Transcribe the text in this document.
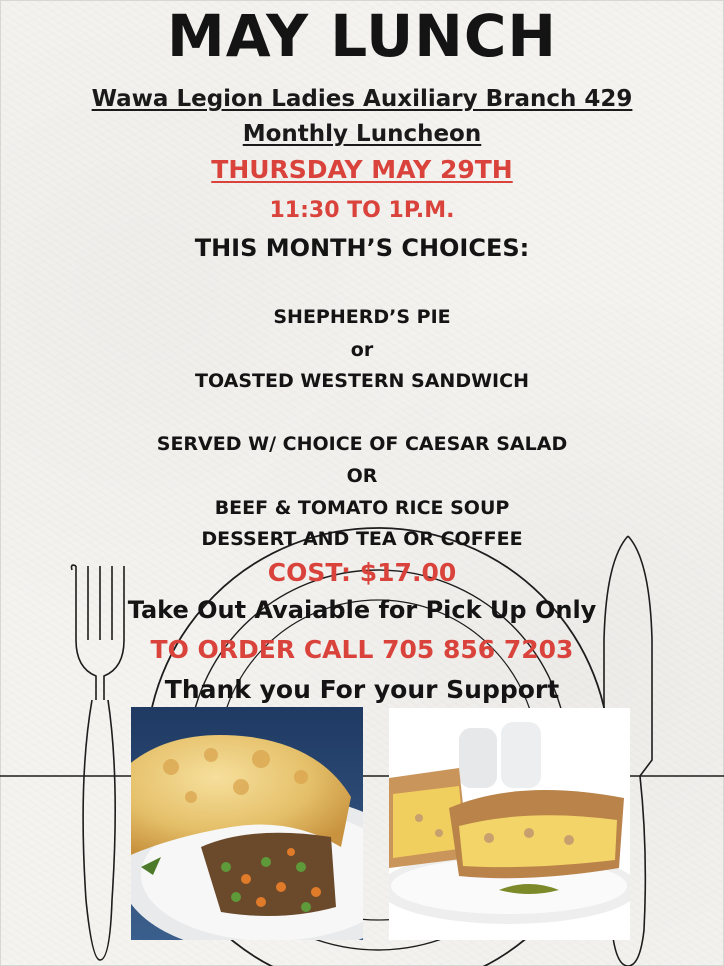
MAY LUNCH
Wawa Legion Ladies Auxiliary Branch 429
Monthly Luncheon
THURSDAY MAY 29TH
11:30 TO 1P.M.
THIS MONTH’S CHOICES:
SHEPHERD’S PIE
or
TOASTED WESTERN SANDWICH
SERVED W/ CHOICE OF CAESAR SALAD
OR
BEEF & TOMATO RICE SOUP
DESSERT AND TEA OR COFFEE
COST: $17.00
Take Out Avaiable for Pick Up Only
TO ORDER CALL 705 856 7203
Thank you For your Support
